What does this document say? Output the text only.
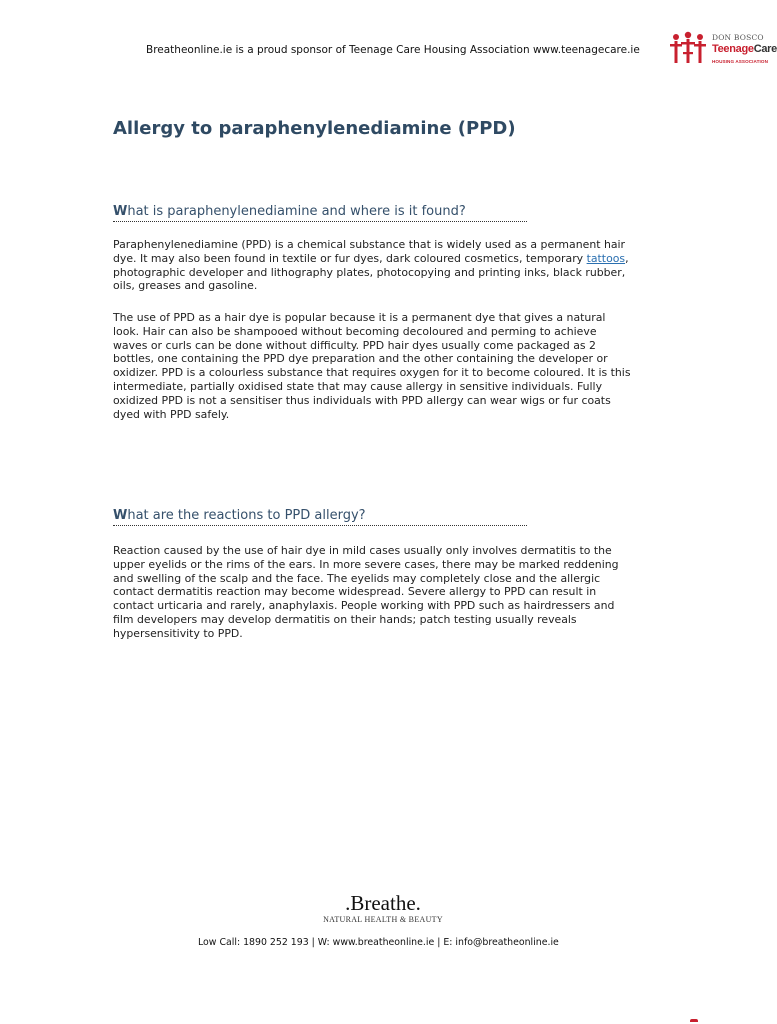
Breatheonline.ie is a proud sponsor of Teenage Care Housing Association www.teenagecare.ie
DON BOSCO
TeenageCare
HOUSING ASSOCIATION
Allergy to paraphenylenediamine (PPD)
What is paraphenylenediamine and where is it found?

Paraphenylenediamine (PPD) is a chemical substance that is widely used as a permanent hair dye. It may also been found in textile or fur dyes, dark coloured cosmetics, temporary tattoos, photographic developer and lithography plates, photocopying and printing inks, black rubber, oils, greases and gasoline.

The use of PPD as a hair dye is popular because it is a permanent dye that gives a natural look. Hair can also be shampooed without becoming decoloured and perming to achieve waves or curls can be done without difficulty. PPD hair dyes usually come packaged as 2 bottles, one containing the PPD dye preparation and the other containing the developer or oxidizer. PPD is a colourless substance that requires oxygen for it to become coloured. It is this intermediate, partially oxidised state that may cause allergy in sensitive individuals. Fully oxidized PPD is not a sensitiser thus individuals with PPD allergy can wear wigs or fur coats dyed with PPD safely.

What are the reactions to PPD allergy?

Reaction caused by the use of hair dye in mild cases usually only involves dermatitis to the upper eyelids or the rims of the ears. In more severe cases, there may be marked reddening and swelling of the scalp and the face. The eyelids may completely close and the allergic contact dermatitis reaction may become widespread. Severe allergy to PPD can result in contact urticaria and rarely, anaphylaxis. People working with PPD such as hairdressers and film developers may develop dermatitis on their hands; patch testing usually reveals hypersensitivity to PPD.

.Breathe.
NATURAL HEALTH & BEAUTY
Low Call: 1890 252 193 | W: www.breatheonline.ie | E: info@breatheonline.ie
